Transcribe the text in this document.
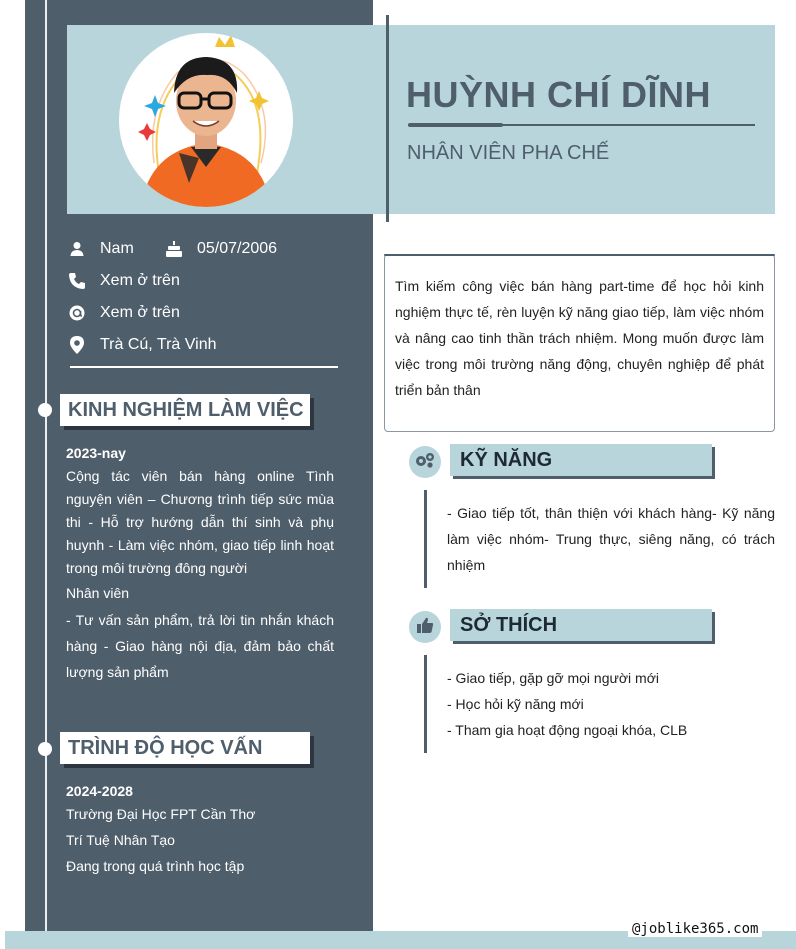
HUỲNH CHÍ DĨNH
NHÂN VIÊN PHA CHẾ
Nam	05/07/2006
Xem ở trên
Xem ở trên
Trà Cú, Trà Vinh
KINH NGHIỆM LÀM VIỆC
2023-nay
Cộng tác viên bán hàng online Tình nguyện viên – Chương trình tiếp sức mùa thi - Hỗ trợ hướng dẫn thí sinh và phụ huynh - Làm việc nhóm, giao tiếp linh hoạt trong môi trường đông người
Nhân viên
- Tư vấn sản phẩm, trả lời tin nhắn khách hàng - Giao hàng nội địa, đảm bảo chất lượng sản phẩm
TRÌNH ĐỘ HỌC VẤN
2024-2028
Trường Đại Học FPT Cần Thơ
Trí Tuệ Nhân Tạo
Đang trong quá trình học tập

Tìm kiếm công việc bán hàng part-time để học hỏi kinh nghiệm thực tế, rèn luyện kỹ năng giao tiếp, làm việc nhóm và nâng cao tinh thần trách nhiệm. Mong muốn được làm việc trong môi trường năng động, chuyên nghiệp để phát triển bản thân

KỸ NĂNG
- Giao tiếp tốt, thân thiện với khách hàng- Kỹ năng làm việc nhóm- Trung thực, siêng năng, có trách nhiệm
SỞ THÍCH
- Giao tiếp, gặp gỡ mọi người mới
- Học hỏi kỹ năng mới
- Tham gia hoạt động ngoại khóa, CLB
@joblike365.com
